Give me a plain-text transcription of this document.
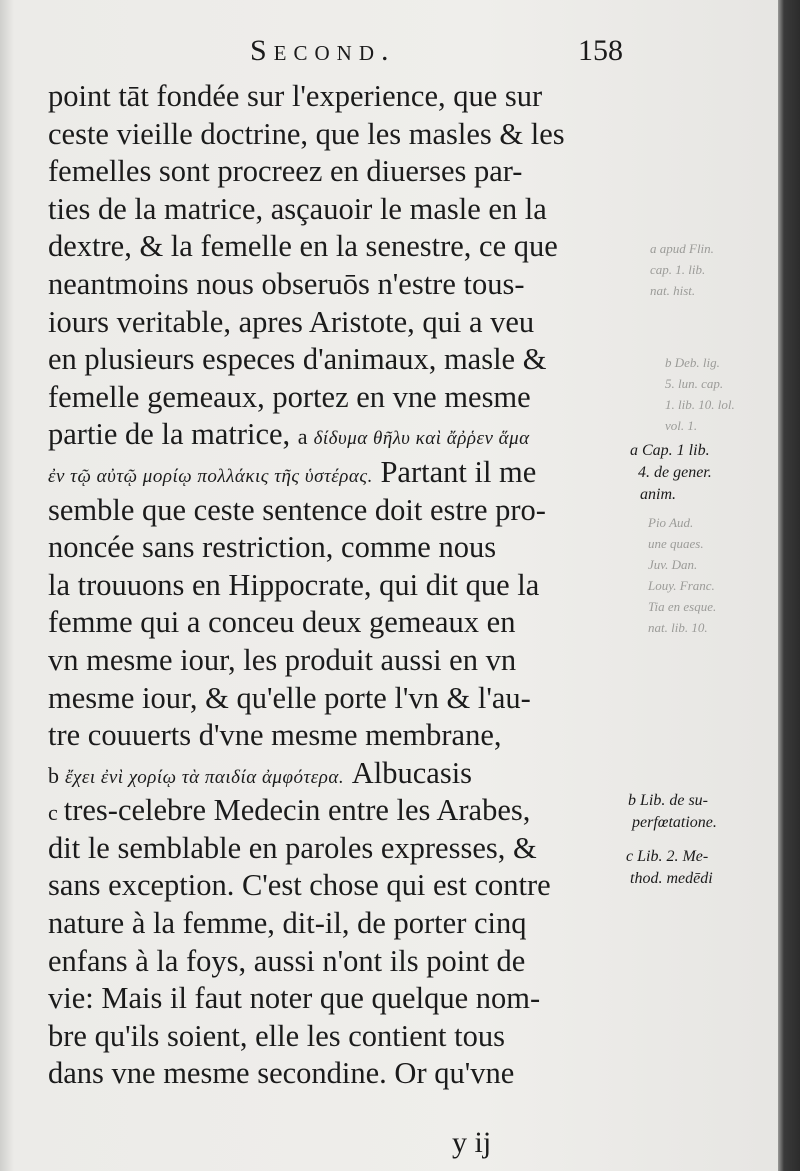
Second.	158
point tāt fondée sur l'experience, que sur
ceste vieille doctrine, que les masles & les
femelles sont procreez en diuerses par-
ties de la matrice, asçauoir le masle en la
dextre, & la femelle en la senestre, ce que
neantmoins nous obseruōs n'estre tous-
iours veritable, apres Aristote, qui a veu
en plusieurs especes d'animaux, masle &
femelle gemeaux, portez en vne mesme
partie de la matrice, a δίδυμα θῆλυ καὶ ἄῤῥεν ἅμα
ἐν τῷ αὐτῷ μορίῳ πολλάκις τῆς ὑστέρας. Partant il me
semble que ceste sentence doit estre pro-
noncée sans restriction, comme nous
la trouuons en Hippocrate, qui dit que la
femme qui a conceu deux gemeaux en
vn mesme iour, les produit aussi en vn
mesme iour, & qu'elle porte l'vn & l'au-
tre couuerts d'vne mesme membrane,
b ἔχει ἐνὶ χορίῳ τὰ παιδία ἀμφότερα. Albucasis
c tres-celebre Medecin entre les Arabes,
dit le semblable en paroles expresses, &
sans exception. C'est chose qui est contre
nature à la femme, dit-il, de porter cinq
enfans à la foys, aussi n'ont ils point de
vie: Mais il faut noter que quelque nom-
bre qu'ils soient, elle les contient tous
dans vne mesme secondine. Or qu'vne
a apud Flin.
cap. 1. lib.
nat. hist.
b Deb. lig.
5. lun. cap.
1. lib. 10. lol.
vol. 1.
Pio Aud.
une quaes.
Juv. Dan.
Louy. Franc.
Tia en esque.
nat. lib. 10.
a Cap. 1 lib.
4. de gener.
anim.
b Lib. de su-
perfœtatione.
c Lib. 2. Me-
thod. medēdi
y ij
